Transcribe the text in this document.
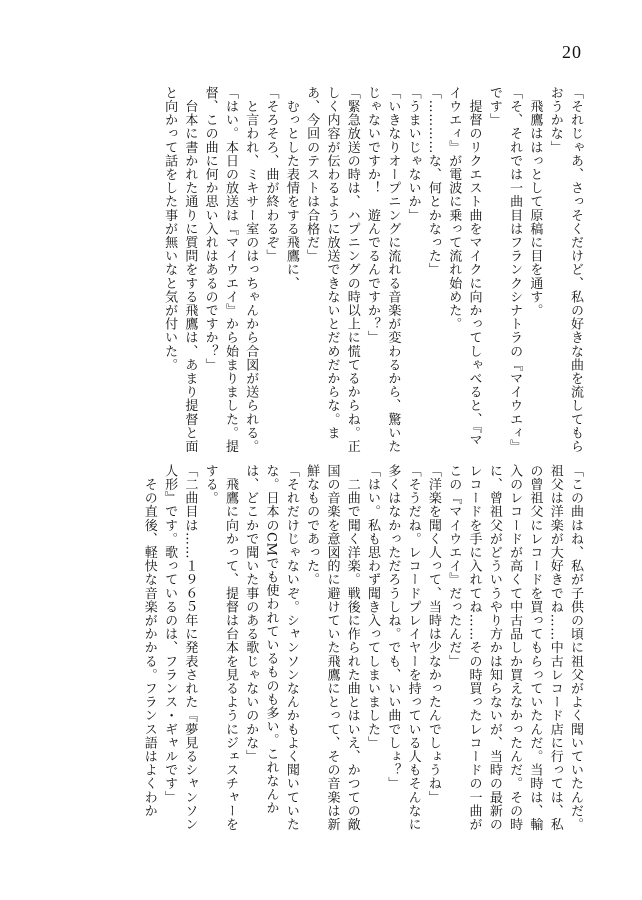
20

「それじゃあ、さっそくだけど、私の好きな曲を流してもらおうかな」

　飛鷹ははっとして原稿に目を通す。

「そ、それでは一曲目はフランクシナトラの『マイウエィ』です」

　提督のリクエスト曲をマイクに向かってしゃべると、『マイウエィ』が電波に乗って流れ始めた。

「…………な、何とかなった」

「うまいじゃないか」

「いきなりオープニングに流れる音楽が変わるから、驚いたじゃないですか！　遊んでるんですか？」

「緊急放送の時は、ハプニングの時以上に慌てるからね。正しく内容が伝わるように放送できないとだめだからな。まあ、今回のテストは合格だ」

　むっとした表情をする飛鷹に、

「そろそろ、曲が終わるぞ」

　と言われ、ミキサー室のはっちゃんから合図が送られる。

「はい。本日の放送は『マイウエイ』から始まりました。提督、この曲に何か思い入れはあるのですか？」

　台本に書かれた通りに質問をする飛鷹は、あまり提督と面と向かって話をした事が無いなと気が付いた。

「この曲はね、私が子供の頃に祖父がよく聞いていたんだ。祖父は洋楽が大好きでね……中古レコード店に行っては、私の曾祖父にレコードを買ってもらっていたんだ。当時は、輸入のレコードが高くて中古品しか買えなかったんだ。その時に、曾祖父がどういうやり方かは知らないが、当時の最新のレコードを手に入れてね……その時買ったレコードの一曲がこの『マイウエイ』だったんだ」

「洋楽を聞く人って、当時は少なかったんでしょうね」

「そうだね。レコードプレイヤーを持っている人もそんなに多くはなかっただろうしね。でも、いい曲でしょ？」

「はい。私も思わず聞き入ってしまいました」

　二曲で聞く洋楽。戦後に作られた曲とはいえ、かつての敵国の音楽を意図的に避けていた飛鷹にとって、その音楽は新鮮なものであった。

「それだけじゃないぞ。シャンソンなんかもよく聞いていたな。日本のCMでも使われているものも多い。これなんかは、どこかで聞いた事のある歌じゃないのかな」

　飛鷹に向かって、提督は台本を見るようにジェスチャーをする。

「二曲目は……１９６５年に発表された『夢見るシャンソン人形』です。歌っているのは、フランス・ギャルです」

　その直後、軽快な音楽がかかる。フランス語はよくわか
